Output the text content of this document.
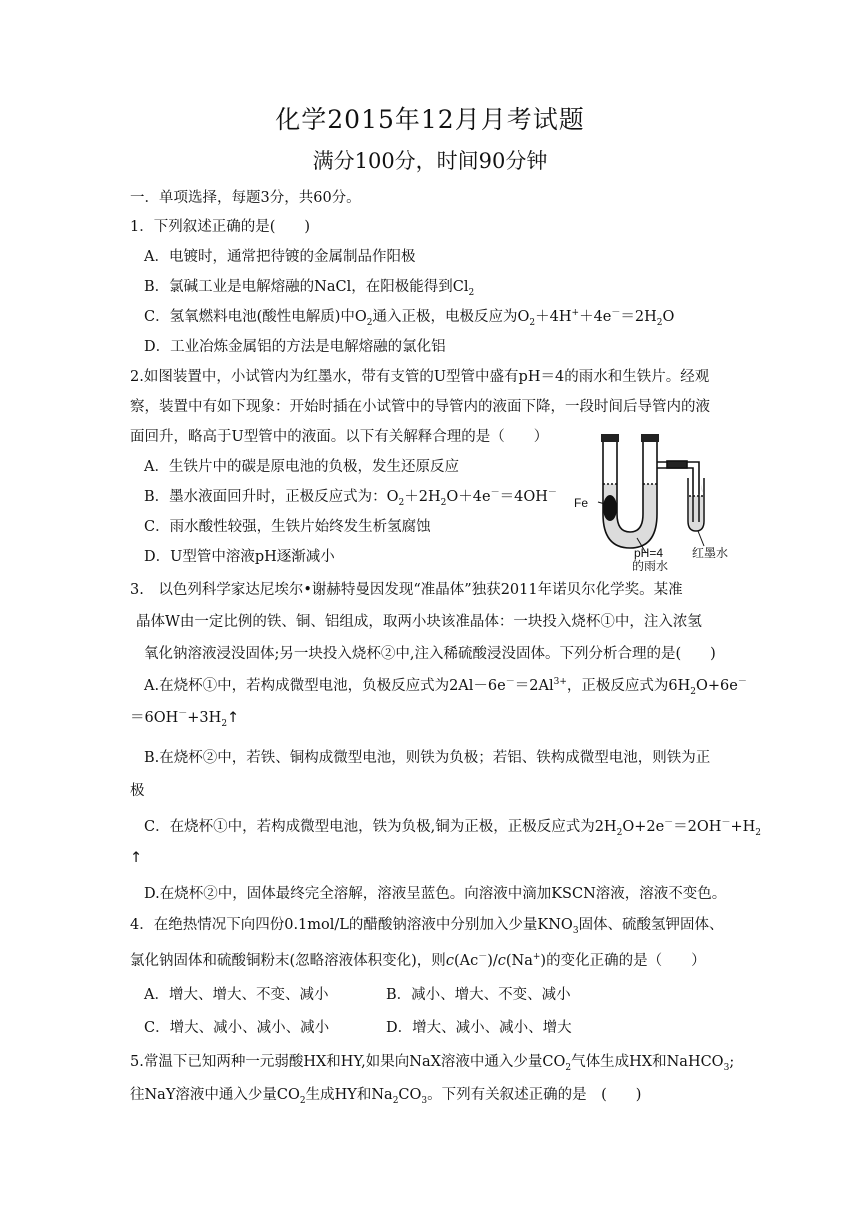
化学2015年12月月考试题
满分100分，时间90分钟
一．单项选择，每题3分，共60分。
1．下列叙述正确的是(　　)
A．电镀时，通常把待镀的金属制品作阳极
B．氯碱工业是电解熔融的NaCl，在阳极能得到$Cl_2$
C．氢氧燃料电池(酸性电解质)中$O_2$通入正极，电极反应为$O_2+4H^++4e^-=2H_2O$
D．工业冶炼金属铝的方法是电解熔融的氯化铝
2.如图装置中，小试管内为红墨水，带有支管的U型管中盛有pH＝4的雨水和生铁片。经观
察，装置中有如下现象：开始时插在小试管中的导管内的液面下降，一段时间后导管内的液
面回升，略高于U型管中的液面。以下有关解释合理的是（　　）
A．生铁片中的碳是原电池的负极，发生还原反应
B．墨水液面回升时，正极反应式为：$O_2+2H_2O+4e^-=4OH^-$
C．雨水酸性较强，生铁片始终发生析氢腐蚀
D．U型管中溶液pH逐渐减小
Fe
pH=4
的雨水
红墨水
3.　以色列科学家达尼埃尔•谢赫特曼因发现“准晶体”独获2011年诺贝尔化学奖。某准
晶体W由一定比例的铁、铜、铝组成，取两小块该准晶体：一块投入烧杯①中，注入浓氢
氧化钠溶液浸没固体;另一块投入烧杯②中,注入稀硫酸浸没固体。下列分析合理的是(　　)
A.在烧杯①中，若构成微型电池，负极反应式为$2Al-6e^-=2Al^{3+}$，正极反应式为$6H_2O+6e^-$
$=6OH^-+3H_2↑$
B.在烧杯②中，若铁、铜构成微型电池，则铁为负极；若铝、铁构成微型电池，则铁为正
极
C．在烧杯①中，若构成微型电池，铁为负极,铜为正极，正极反应式为$2H_2O+2e^-=2OH^-+H_2$
↑
D.在烧杯②中，固体最终完全溶解，溶液呈蓝色。向溶液中滴加KSCN溶液，溶液不变色。
4．在绝热情况下向四份0.1mol/L的醋酸钠溶液中分别加入少量$KNO_3$固体、硫酸氢钾固体、
氯化钠固体和硫酸铜粉末(忽略溶液体积变化)，则c(Ac－)/c(Na+)的变化正确的是（　　）
A．增大、增大、不变、减小	B．减小、增大、不变、减小
C．增大、减小、减小、减小	D．增大、减小、减小、增大
5.常温下已知两种一元弱酸HX和HY,如果向NaX溶液中通入少量$CO_2$气体生成HX和NaHCO$_3$;
往NaY溶液中通入少量$CO_2$生成HY和$Na_2CO_3$。下列有关叙述正确的是　(　　)
